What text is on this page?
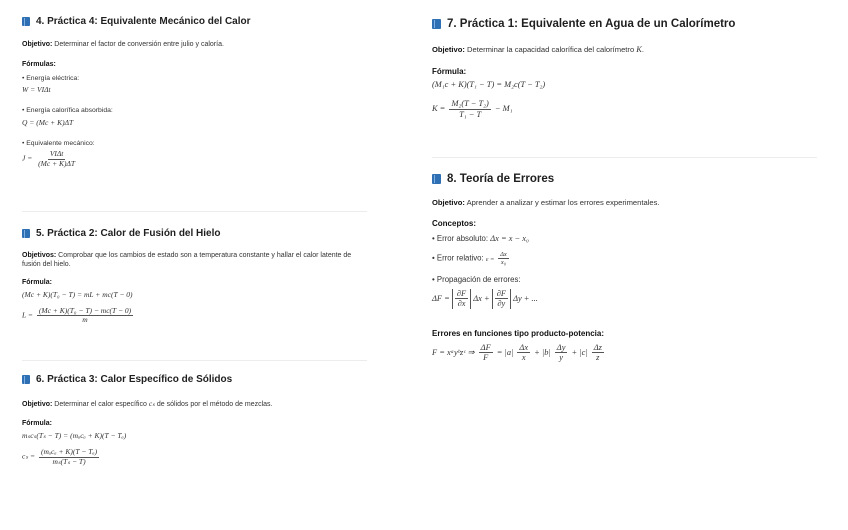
4. Práctica 4: Equivalente Mecánico del Calor
Objetivo: Determinar el factor de conversión entre julio y caloría.
Fórmulas:
• Energía eléctrica:
W = VIΔt
• Energía calorífica absorbida:
Q = (Mc + K)ΔT
• Equivalente mecánico:
$J = \frac{\text{VIΔt}}{(Mc + K)\Delta T}$
5. Práctica 2: Calor de Fusión del Hielo
Objetivos: Comprobar que los cambios de estado son a temperatura constante y hallar el calor latente de fusión del hielo.
Fórmula:
(Mc + K)(T₀ − T) = mL + mc(T − 0)
$L = \frac{\text{(Mc + K)(T₀ − T) − mc(T − 0)}}{m}$
6. Práctica 3: Calor Específico de Sólidos
Objetivo: Determinar el calor específico cₛ de sólidos por el método de mezclas.
Fórmula:
mₛcₛ(Tₛ − T) = (mₐcₐ + K)(T − Tₐ)
$c_s = \frac{\text{(mₐcₐ + K)(T − Tₐ)}}{\text{mₛ(Tₛ − T)}}$
7. Práctica 1: Equivalente en Agua de un Calorímetro
Objetivo: Determinar la capacidad calorífica del calorímetro K.
Fórmula:
(M₁c + K)(T₁ − T) = M₂c(T − T₂)
$K = \frac{\text{M₂(T − T₂)}}{\text{T₁ − T}} - M_1$
8. Teoría de Errores
Objetivo: Aprender a analizar y estimar los errores experimentales.
Conceptos:
• Error absoluto: Δx = x − x₀
• Error relativo: $\varepsilon = \frac{\Delta x}{\text{x₀}}$
• Propagación de errores:
$\Delta F = \frac{\partial F}{\partial x}$ $\Delta x + \frac{\partial F}{\partial y}$ Δy + ...
Errores en funciones tipo producto-potencia:
F = xᵃyᵇzᶜ ⇒ $\frac{\Delta F}{F} = |a| \frac{\Delta x}{x} + |b| \frac{\Delta y}{y} + |c| \frac{\Delta z}{z}$
